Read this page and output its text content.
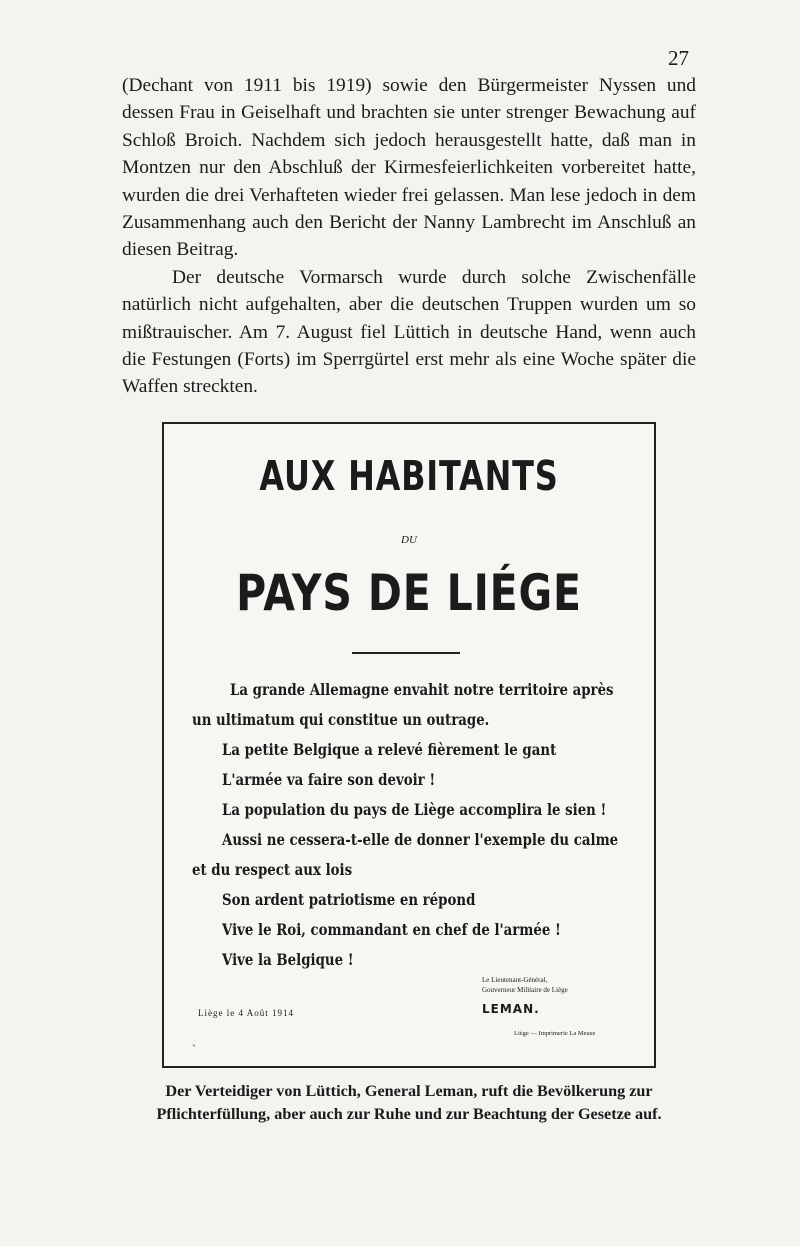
27

(Dechant von 1911 bis 1919) sowie den Bürgermeister Nyssen und dessen Frau in Geiselhaft und brachten sie unter strenger Bewachung auf Schloß Broich. Nachdem sich jedoch herausgestellt hatte, daß man in Montzen nur den Abschluß der Kirmesfeierlichkeiten vorbereitet hatte, wurden die drei Verhafteten wieder frei gelassen. Man lese jedoch in dem Zusammenhang auch den Bericht der Nanny Lambrecht im Anschluß an diesen Beitrag.

Der deutsche Vormarsch wurde durch solche Zwischenfälle natürlich nicht aufgehalten, aber die deutschen Truppen wurden um so mißtrauischer. Am 7. August fiel Lüttich in deutsche Hand, wenn auch die Festungen (Forts) im Sperrgürtel erst mehr als eine Woche später die Waffen streckten.

AUX HABITANTS
DU
PAYS DE LIÉGE
La grande Allemagne envahit notre territoire après
un ultimatum qui constitue un outrage.
La petite Belgique a relevé fièrement le gant
L'armée va faire son devoir !
La population du pays de Liège accomplira le sien !
Aussi ne cessera-t-elle de donner l'exemple du calme
et du respect aux lois
Son ardent patriotisme en répond
Vive le Roi, commandant en chef de l'armée !
Vive la Belgique !
Le Lieutenant-Général,
Gouverneur Militaire de Liège
LEMAN.
Liège le 4 Août 1914
Liège — Imprimerie La Meuse
`
Der Verteidiger von Lüttich, General Leman, ruft die Bevölkerung zur Pflichterfüllung, aber auch zur Ruhe und zur Beachtung der Gesetze auf.
